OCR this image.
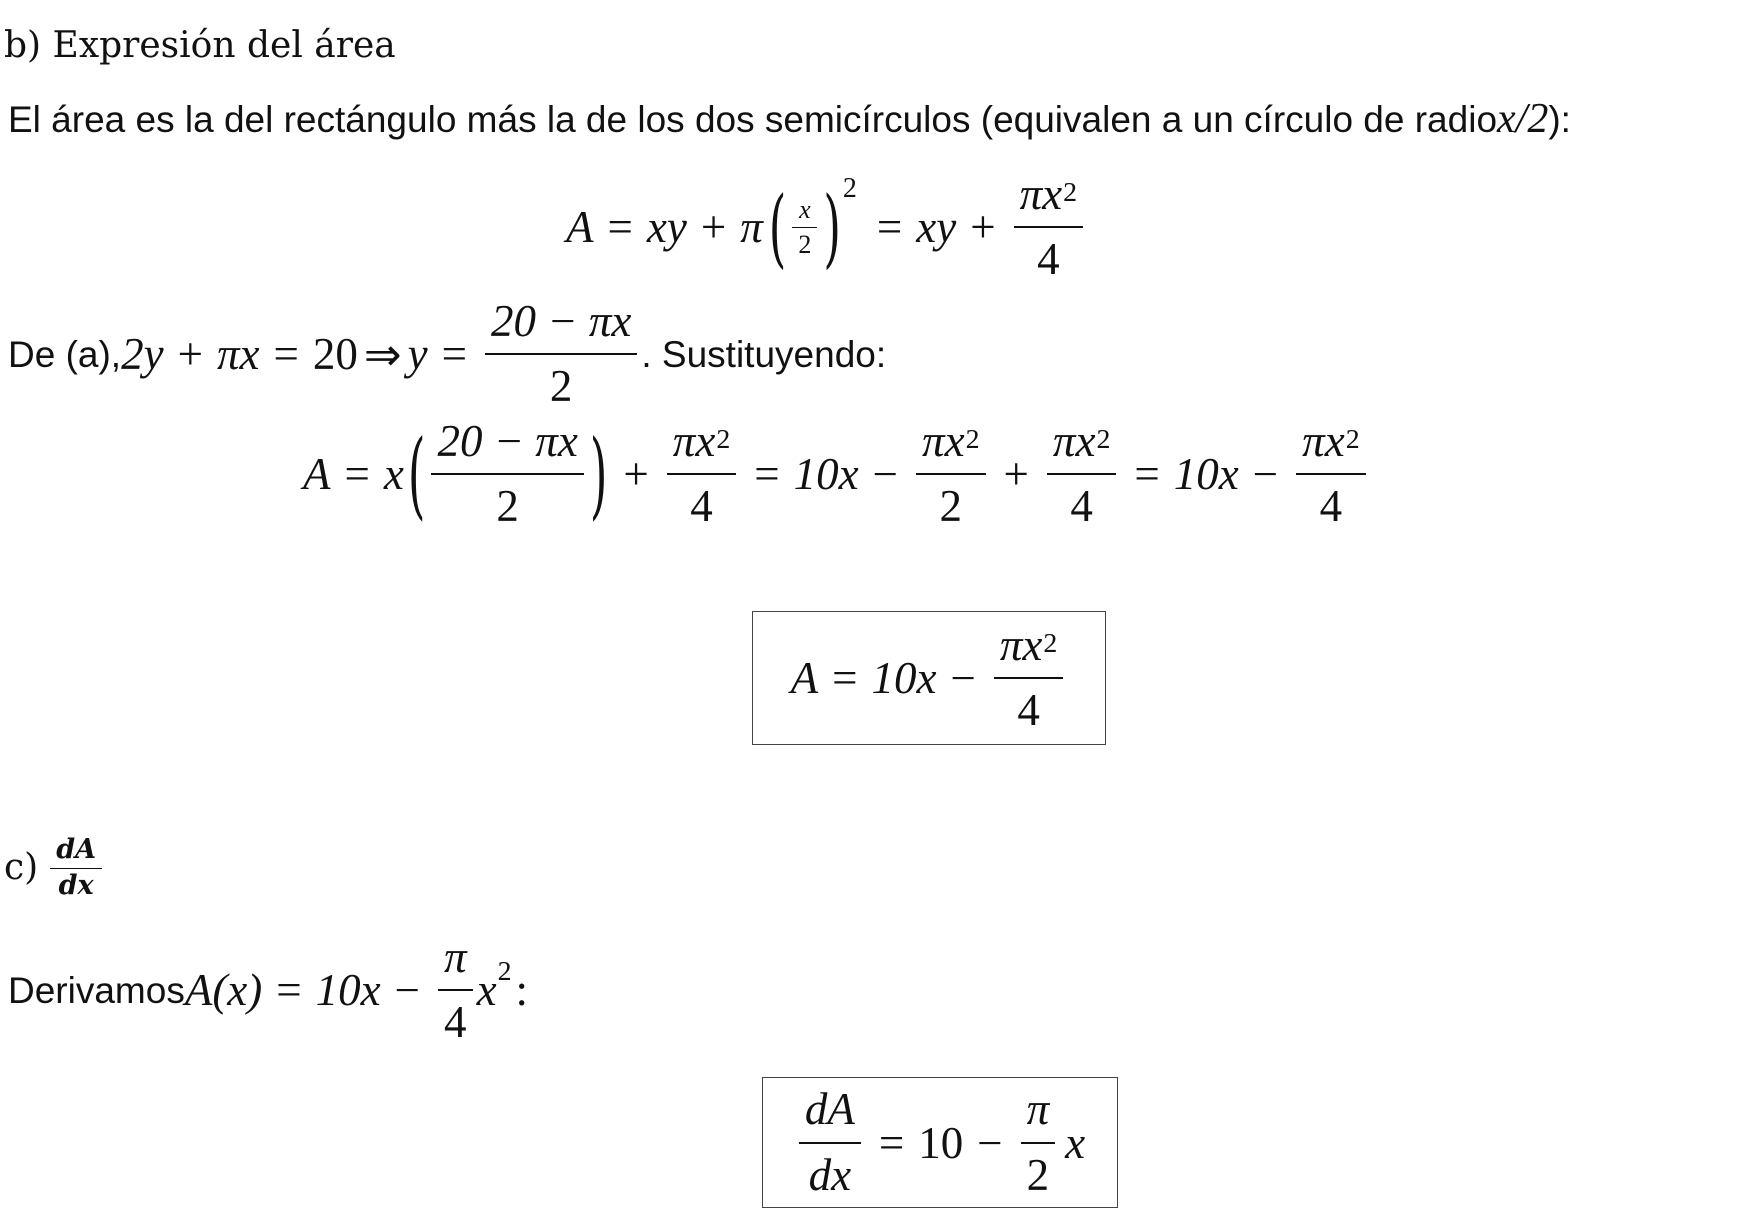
b) Expresión del área
El área es la del rectángulo más la de los dos semicírculos (equivalen a un círculo de radio x/2 ):
A = xy + π ( $\frac{x}{2}$ ) 2
= xy + $\frac{\pi x^2}{4}$
De (a), 2y + πx = 20 ⇒ $y = \frac{20 - \pi x}{2}$ . Sustituyendo:
A = x ( $\frac{20 - \pi x}{2}$ ) + $\frac{\pi x^2}{4} = 10x - \frac{\pi x^2}{2} + \frac{\pi x^2}{4} = 10x - \frac{\pi x^2}{4}$
$A = 10x - \frac{\pi x^2}{4}$
$c) \frac{dA}{dx}$
Derivamos $A(x) = 10x - \frac{\pi}{4} x^2$ :
$\frac{dA}{dx} = 10 - \frac{\pi}{2}$ x
